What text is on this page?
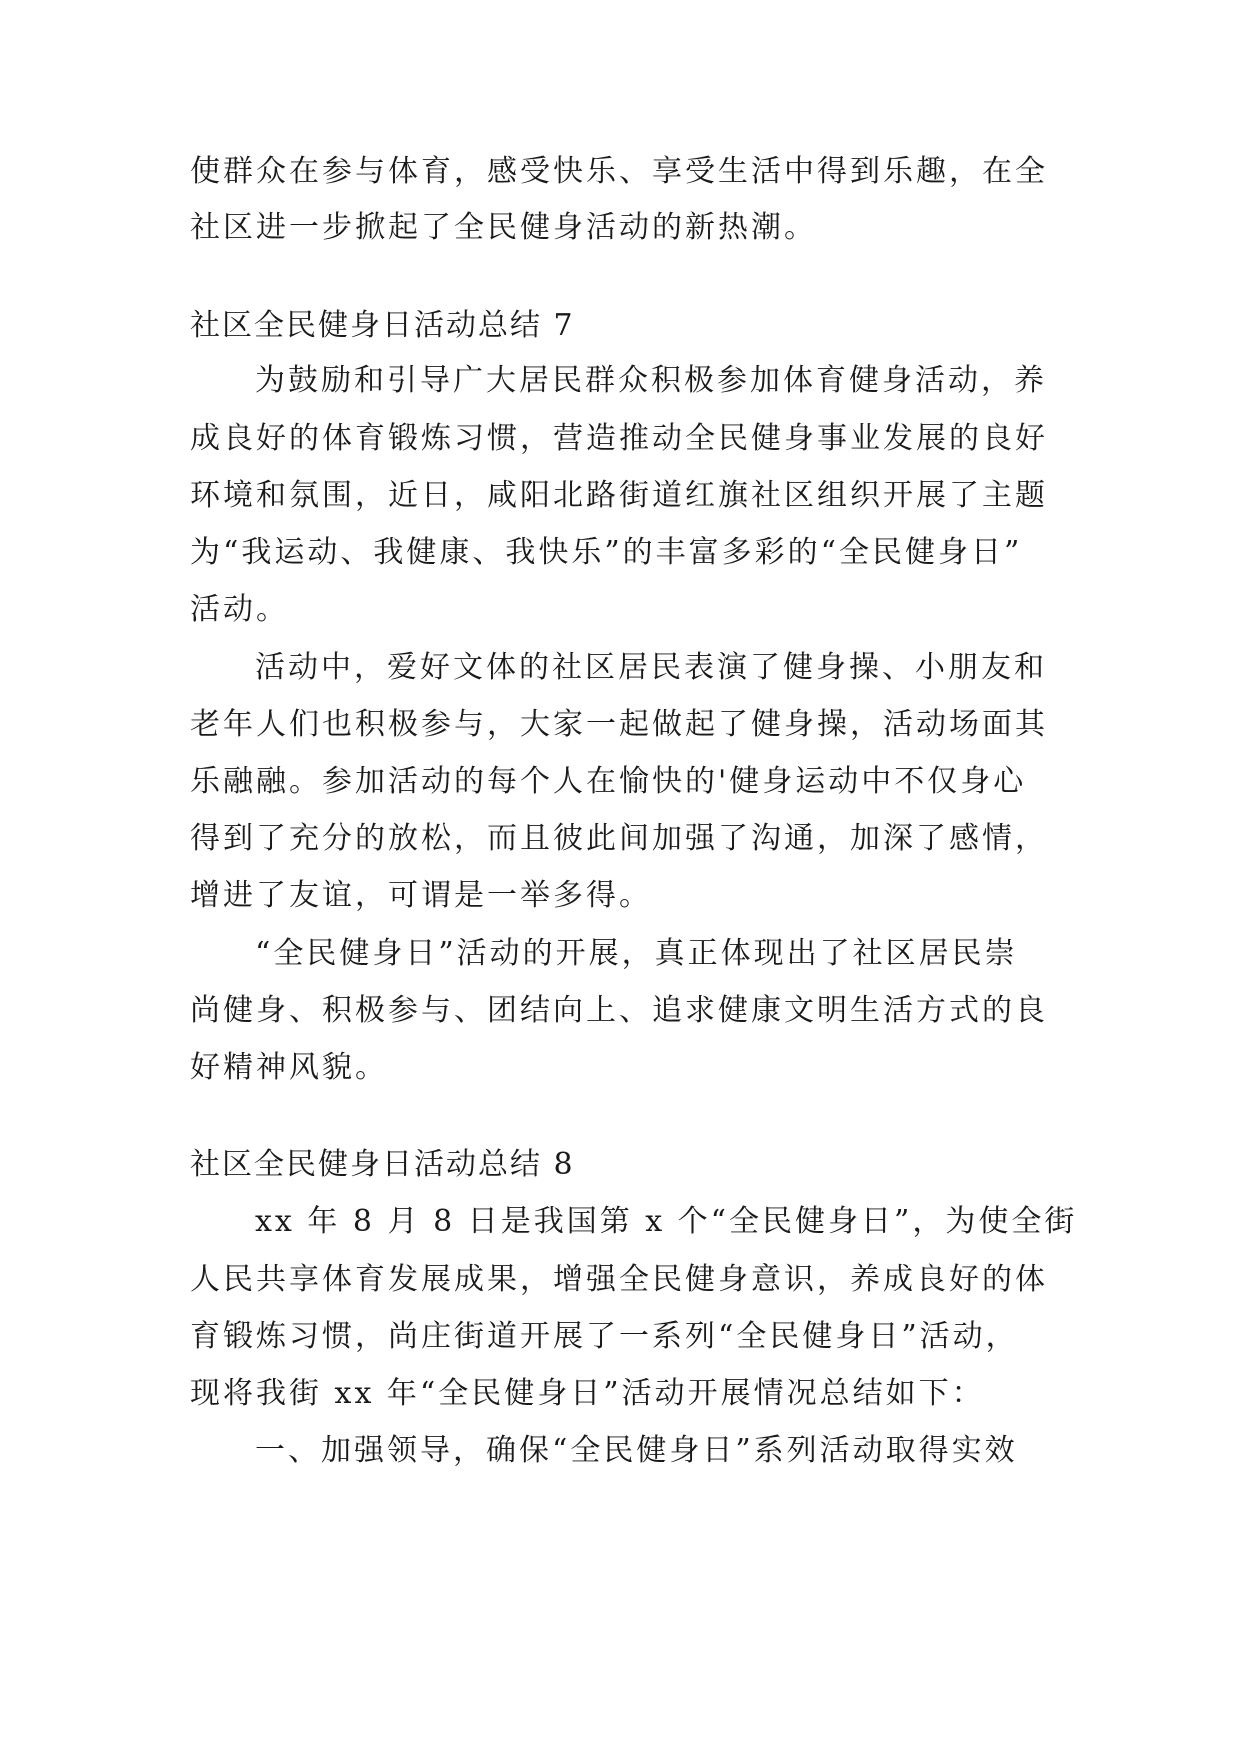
使群众在参与体育，感受快乐、享受生活中得到乐趣，在全
社区进一步掀起了全民健身活动的新热潮。
社区全民健身日活动总结 7
为鼓励和引导广大居民群众积极参加体育健身活动，养
成良好的体育锻炼习惯，营造推动全民健身事业发展的良好
环境和氛围，近日，咸阳北路街道红旗社区组织开展了主题
为“我运动、我健康、我快乐”的丰富多彩的“全民健身日”
活动。
活动中，爱好文体的社区居民表演了健身操、小朋友和
老年人们也积极参与，大家一起做起了健身操，活动场面其
乐融融。参加活动的每个人在愉快的'健身运动中不仅身心
得到了充分的放松，而且彼此间加强了沟通，加深了感情，
增进了友谊，可谓是一举多得。
“全民健身日”活动的开展，真正体现出了社区居民崇
尚健身、积极参与、团结向上、追求健康文明生活方式的良
好精神风貌。
社区全民健身日活动总结 8
xx 年 8 月 8 日是我国第 x 个“全民健身日”，为使全街
人民共享体育发展成果，增强全民健身意识，养成良好的体
育锻炼习惯，尚庄街道开展了一系列“全民健身日”活动，
现将我街 xx 年“全民健身日”活动开展情况总结如下：
一、加强领导，确保“全民健身日”系列活动取得实效
